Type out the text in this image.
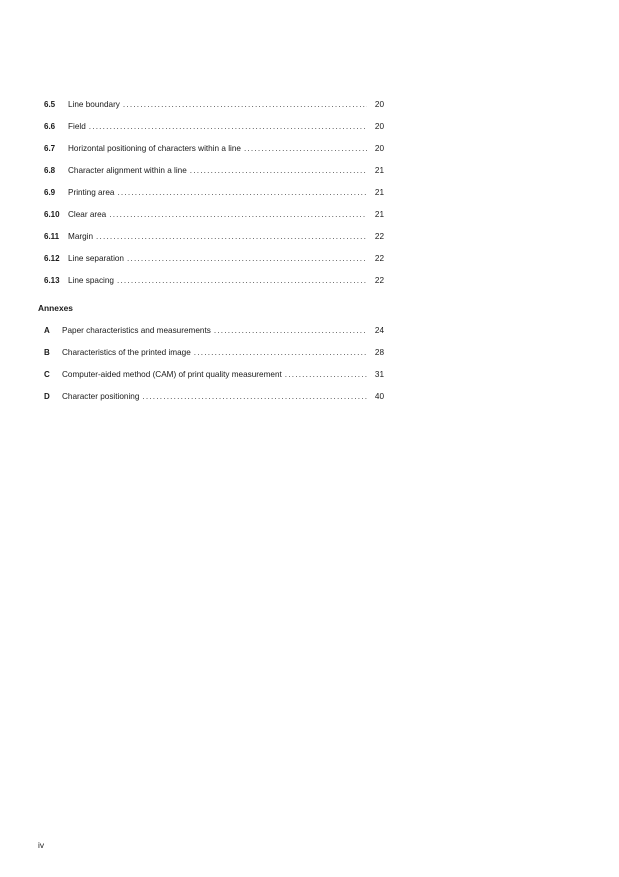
6.5	Line boundary .....	20
6.6	Field .....	20
6.7	Horizontal positioning of characters within a line .....	20
6.8	Character alignment within a line .....	21
6.9	Printing area .....	21
6.10	Clear area .....	21
6.11	Margin .....	22
6.12	Line separation .....	22
6.13	Line spacing .....	22
Annexes
A	Paper characteristics and measurements .....	24
B	Characteristics of the printed image .....	28
C	Computer-aided method (CAM) of print quality measurement .....	31
D	Character positioning .....	40
iv
